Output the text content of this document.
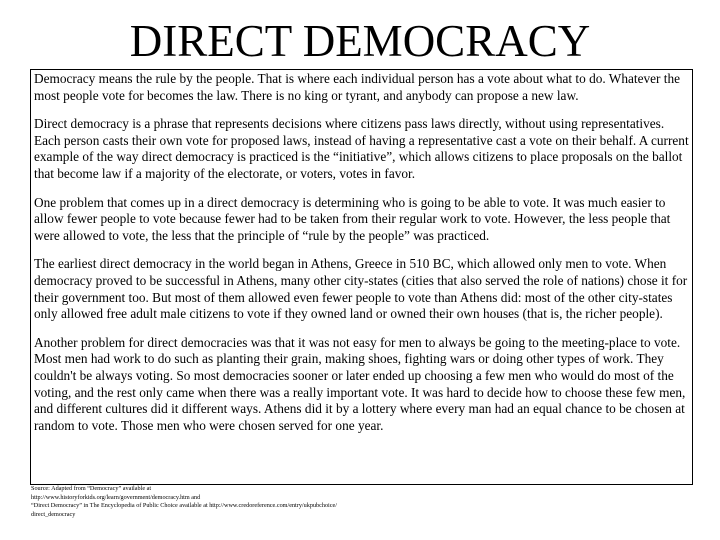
DIRECT DEMOCRACY

Democracy means the rule by the people. That is where each individual person has a vote about what to do. Whatever the most people vote for becomes the law. There is no king or tyrant, and anybody can propose a new law.

Direct democracy is a phrase that represents decisions where citizens pass laws directly, without using representatives. Each person casts their own vote for proposed laws, instead of having a representative cast a vote on their behalf. A current example of the way direct democracy is practiced is the “initiative”, which allows citizens to place proposals on the ballot that become law if a majority of the electorate, or voters, votes in favor.

One problem that comes up in a direct democracy is determining who is going to be able to vote. It was much easier to allow fewer people to vote because fewer had to be taken from their regular work to vote. However, the less people that were allowed to vote, the less that the principle of “rule by the people” was practiced.

The earliest direct democracy in the world began in Athens, Greece in 510 BC, which allowed only men to vote. When democracy proved to be successful in Athens, many other city-states (cities that also served the role of nations) chose it for their government too. But most of them allowed even fewer people to vote than Athens did: most of the other city-states only allowed free adult male citizens to vote if they owned land or owned their own houses (that is, the richer people).

Another problem for direct democracies was that it was not easy for men to always be going to the meeting-place to vote. Most men had work to do such as planting their grain, making shoes, fighting wars or doing other types of work. They couldn't be always voting. So most democracies sooner or later ended up choosing a few men who would do most of the voting, and the rest only came when there was a really important vote. It was hard to decide how to choose these few men, and different cultures did it different ways. Athens did it by a lottery where every man had an equal chance to be chosen at random to vote. Those men who were chosen served for one year.

Source: Adapted from “Democracy” available at
http://www.historyforkids.org/learn/government/democracy.htm and
“Direct Democracy” in The Encyclopedia of Public Choice available at http://www.credoreference.com/entry/ukpubchoice/
direct_democracy
